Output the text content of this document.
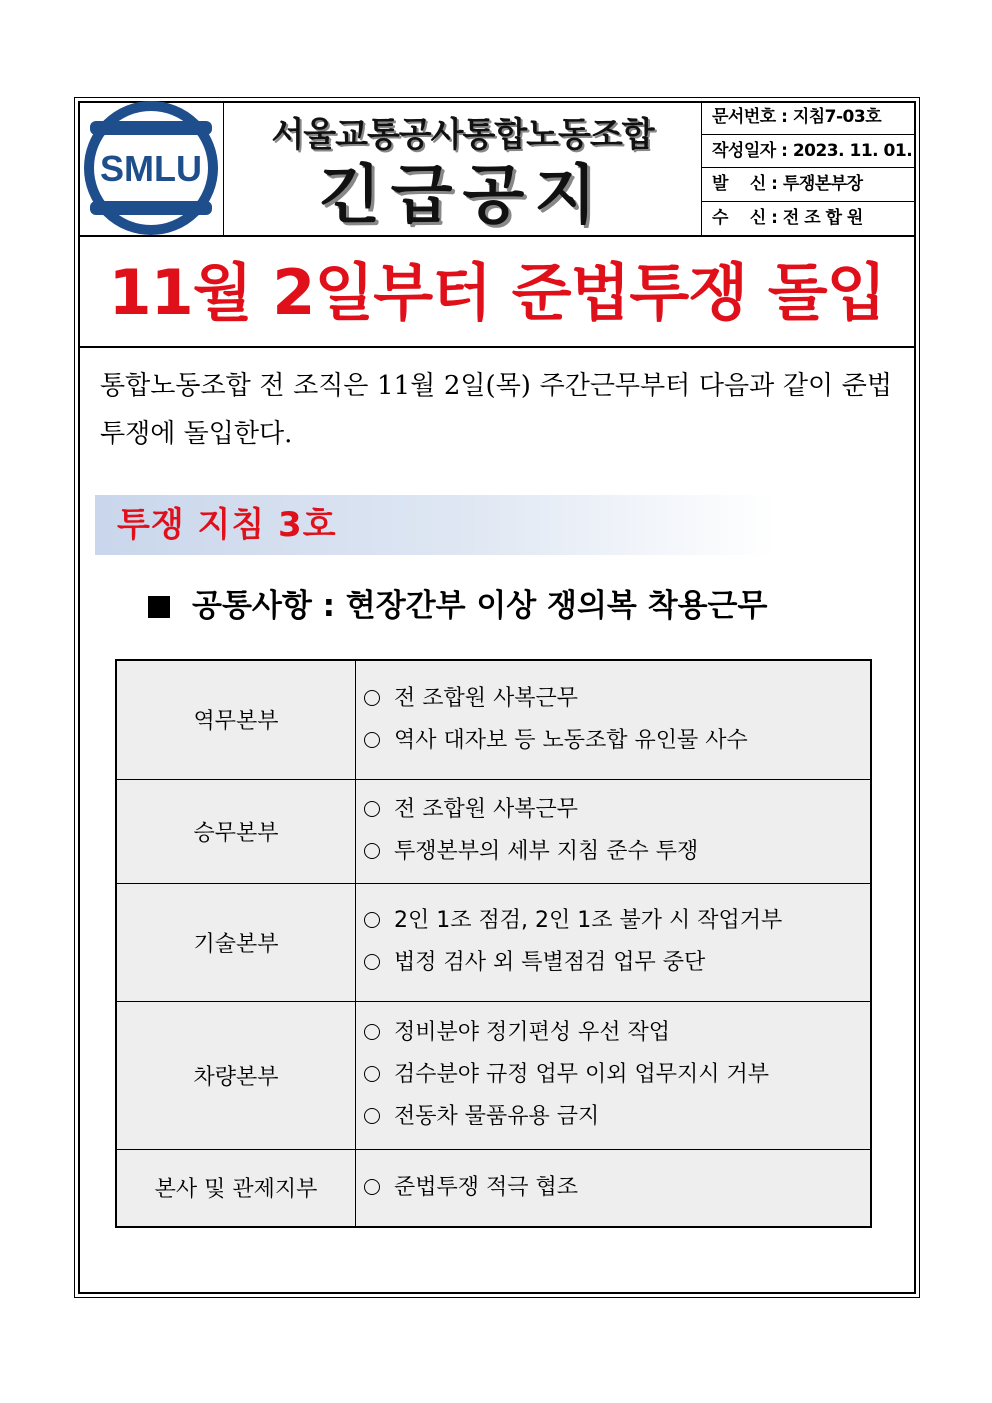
SMLU
서울교통공사통합노동조합
긴급공지
문서번호 : 지침7-03호
작성일자 : 2023. 11. 01.
발　 신 : 투쟁본부장
수　 신 : 전 조 합 원
11월 2일부터 준법투쟁 돌입
통합노동조합 전 조직은 11월 2일(목) 주간근무부터 다음과 같이 준법투쟁에 돌입한다.
투쟁 지침 3호
공통사항 : 현장간부 이상 쟁의복 착용근무
역무본부	전 조합원 사복근무
역사 대자보 등 노동조합 유인물 사수

승무본부	전 조합원 사복근무
투쟁본부의 세부 지침 준수 투쟁

기술본부	2인 1조 점검, 2인 1조 불가 시 작업거부
법정 검사 외 특별점검 업무 중단

차량본부	정비분야 정기편성 우선 작업
검수분야 규정 업무 이외 업무지시 거부
전동차 물품유용 금지

본사 및 관제지부	준법투쟁 적극 협조
